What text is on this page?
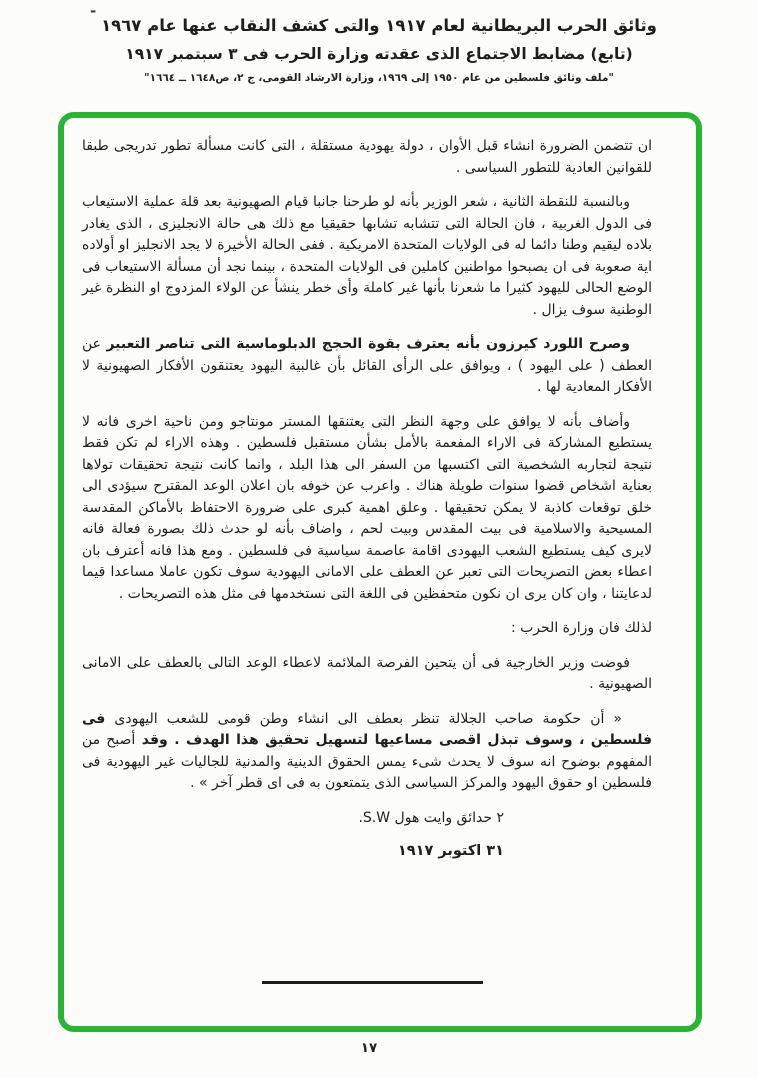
-
وثائق الحرب البريطانية لعام ١٩١٧ والتى كشف النقاب عنها عام ١٩٦٧
(تابع) مضابط الاجتماع الذى عقدته وزارة الحرب فى ٣ سبتمبر ١٩١٧
"ملف وثائق فلسطين من عام ١٩٥٠ إلى ١٩٦٩، وزارة الارشاد القومى، ج ٢، ص١٦٤٨ ــ ١٦٦٤"

ان تتضمن الضرورة انشاء قبل الأوان ، دولة يهودية مستقلة ، التى كانت مسألة تطور تدريجى طبقا للقوانين العادية للتطور السياسى .

وبالنسبة للنقطة الثانية ، شعر الوزير بأنه لو طرحنا جانبا قيام الصهيونية بعد قلة عملية الاستيعاب فى الدول الغربية ، فان الحالة التى تتشابه تشابها حقيقيا مع ذلك هى حالة الانجليزى ، الذى يغادر بلاده ليقيم وطنا دائما له فى الولايات المتحدة الامريكية . ففى الحالة الأخيرة لا يجد الانجليز او أولاده اية صعوبة فى ان يصبحوا مواطنين كاملين فى الولايات المتحدة ، بينما نجد أن مسألة الاستيعاب فى الوضع الحالى لليهود كثيرا ما شعرنا بأنها غير كاملة وأى خطر ينشأ عن الولاء المزدوج او النظرة غير الوطنية سوف يزال .

وصرح اللورد كيرزون بأنه يعترف بقوة الحجج الدبلوماسية التى تناصر التعبير عن العطف ( على اليهود ) ، ويوافق على الرأى القائل بأن غالبية اليهود يعتنقون الأفكار الصهيونية لا الأفكار المعادية لها .

وأضاف بأنه لا يوافق على وجهة النظر التى يعتنقها المستر مونتاجو ومن ناحية اخرى فانه لا يستطيع المشاركة فى الاراء المفعمة بالأمل بشأن مستقبل فلسطين . وهذه الاراء لم تكن فقط نتيجة لتجاربه الشخصية التى اكتسبها من السفر الى هذا البلد ، وانما كانت نتيجة تحقيقات تولاها بعناية اشخاص قضوا سنوات طويلة هناك . واعرب عن خوفه بان اعلان الوعد المقترح سيؤدى الى خلق توقعات كاذبة لا يمكن تحقيقها . وعلق اهمية كبرى على ضرورة الاحتفاظ بالأماكن المقدسة المسيحية والاسلامية فى بيت المقدس وبيت لحم ، واضاف بأنه لو حدث ذلك بصورة فعالة فانه لايرى كيف يستطيع الشعب اليهودى اقامة عاصمة سياسية فى فلسطين . ومع هذا فانه أعترف بان اعطاء بعض التصريحات التى تعبر عن العطف على الامانى اليهودية سوف تكون عاملا مساعدا قيما لدعايتنا ، وان كان يرى ان نكون متحفظين فى اللغة التى نستخدمها فى مثل هذه التصريحات .

لذلك فان وزارة الحرب :

فوضت وزير الخارجية فى أن يتحين الفرصة الملائمة لاعطاء الوعد التالى بالعطف على الامانى الصهيونية .

« أن حكومة صاحب الجلالة تنظر بعطف الى انشاء وطن قومى للشعب اليهودى فى فلسطين ، وسوف تبذل اقصى مساعيها لتسهيل تحقيق هذا الهدف . وقد أصبح من المفهوم بوضوح انه سوف لا يحدث شىء يمس الحقوق الدينية والمدنية للجاليات غير اليهودية فى فلسطين او حقوق اليهود والمركز السياسى الذى يتمتعون به فى اى قطر آخر » .

٢ حدائق وايت هول S.W.
٣١ اكتوبر ١٩١٧
١٧
